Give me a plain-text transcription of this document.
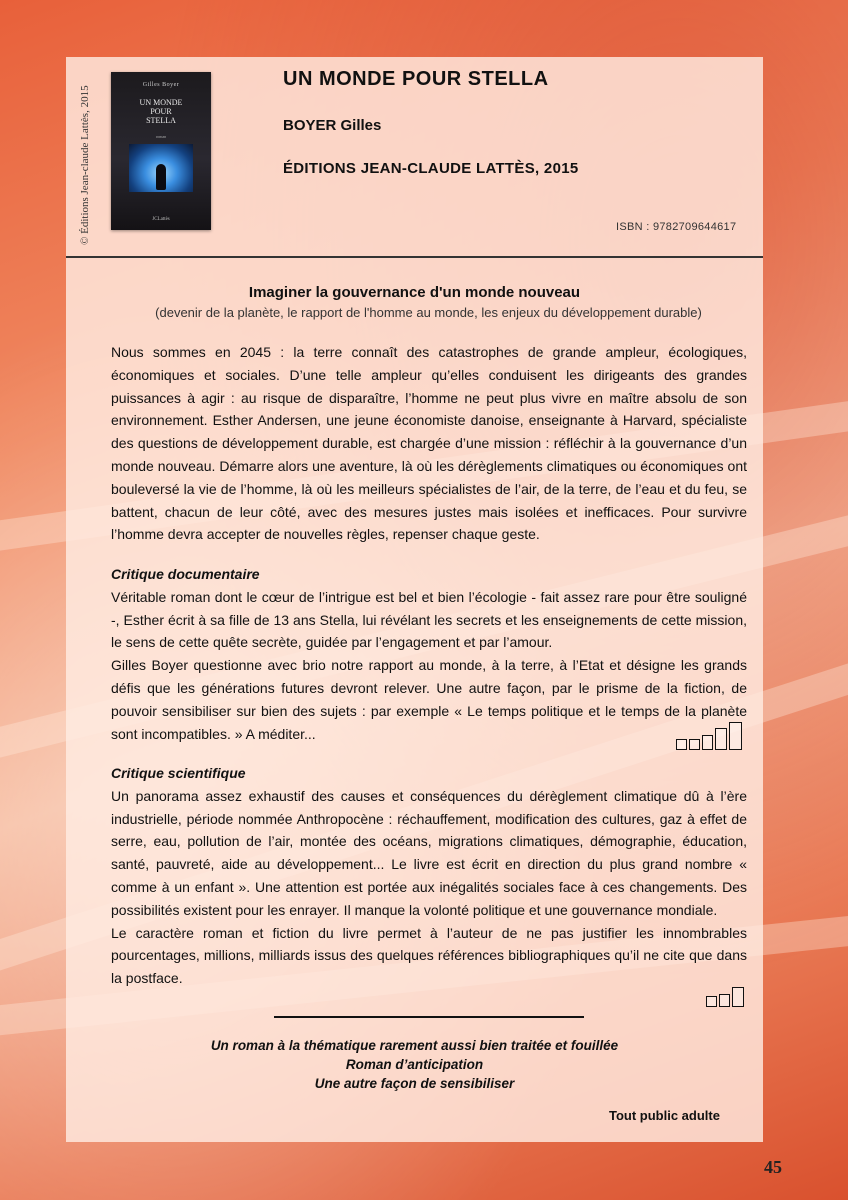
© Éditions Jean-claude Lattès, 2015
Gilles Boyer
UN MONDE
POUR
STELLA
roman
JCLattès
UN MONDE POUR STELLA
BOYER Gilles
ÉDITIONS JEAN-CLAUDE LATTÈS, 2015
ISBN : 9782709644617
Imaginer la gouvernance d'un monde nouveau
(devenir de la planète, le rapport de l'homme au monde, les enjeux du développement durable)

Nous sommes en 2045 : la terre connaît des catastrophes de grande ampleur, écologiques, économiques et sociales. D’une telle ampleur qu’elles conduisent les dirigeants des grandes puissances à agir : au risque de disparaître, l’homme ne peut plus vivre en maître absolu de son environnement. Esther Andersen, une jeune économiste danoise, enseignante à Harvard, spécialiste des questions de développement durable, est chargée d’une mission : réfléchir à la gouvernance d’un monde nouveau. Démarre alors une aventure, là où les dérèglements climatiques ou économiques ont bouleversé la vie de l’homme, là où les meilleurs spécialistes de l’air, de la terre, de l’eau et du feu, se battent, chacun de leur côté, avec des mesures justes mais isolées et inefficaces. Pour survivre l’homme devra accepter de nouvelles règles, repenser chaque geste.

Critique documentaire

Véritable roman dont le cœur de l’intrigue est bel et bien l’écologie - fait assez rare pour être souligné -, Esther écrit à sa fille de 13 ans Stella, lui révélant les secrets et les enseignements de cette mission, le sens de cette quête secrète, guidée par l’engagement et par l’amour.

Gilles Boyer questionne avec brio notre rapport au monde, à la terre, à l’Etat et désigne les grands défis que les générations futures devront relever. Une autre façon, par le prisme de la fiction, de pouvoir sensibiliser sur bien des sujets : par exemple « Le temps politique et le temps de la planète sont incompatibles. » A méditer...

Critique scientifique

Un panorama assez exhaustif des causes et conséquences du dérèglement climatique dû à l’ère industrielle, période nommée Anthropocène : réchauffement, modification des cultures, gaz à effet de serre, eau, pollution de l’air, montée des océans, migrations climatiques, démographie, éducation, santé, pauvreté, aide au développement... Le livre est écrit en direction du plus grand nombre « comme à un enfant ». Une attention est portée aux inégalités sociales face à ces changements. Des possibilités existent pour les enrayer. Il manque la volonté politique et une gouvernance mondiale.

Le caractère roman et fiction du livre permet à l’auteur de ne pas justifier les innombrables pourcentages, millions, milliards issus des quelques références bibliographiques qu’il ne cite que dans la postface.

Un roman à la thématique rarement aussi bien traitée et fouillée
Roman d’anticipation
Une autre façon de sensibiliser
Tout public adulte
45
